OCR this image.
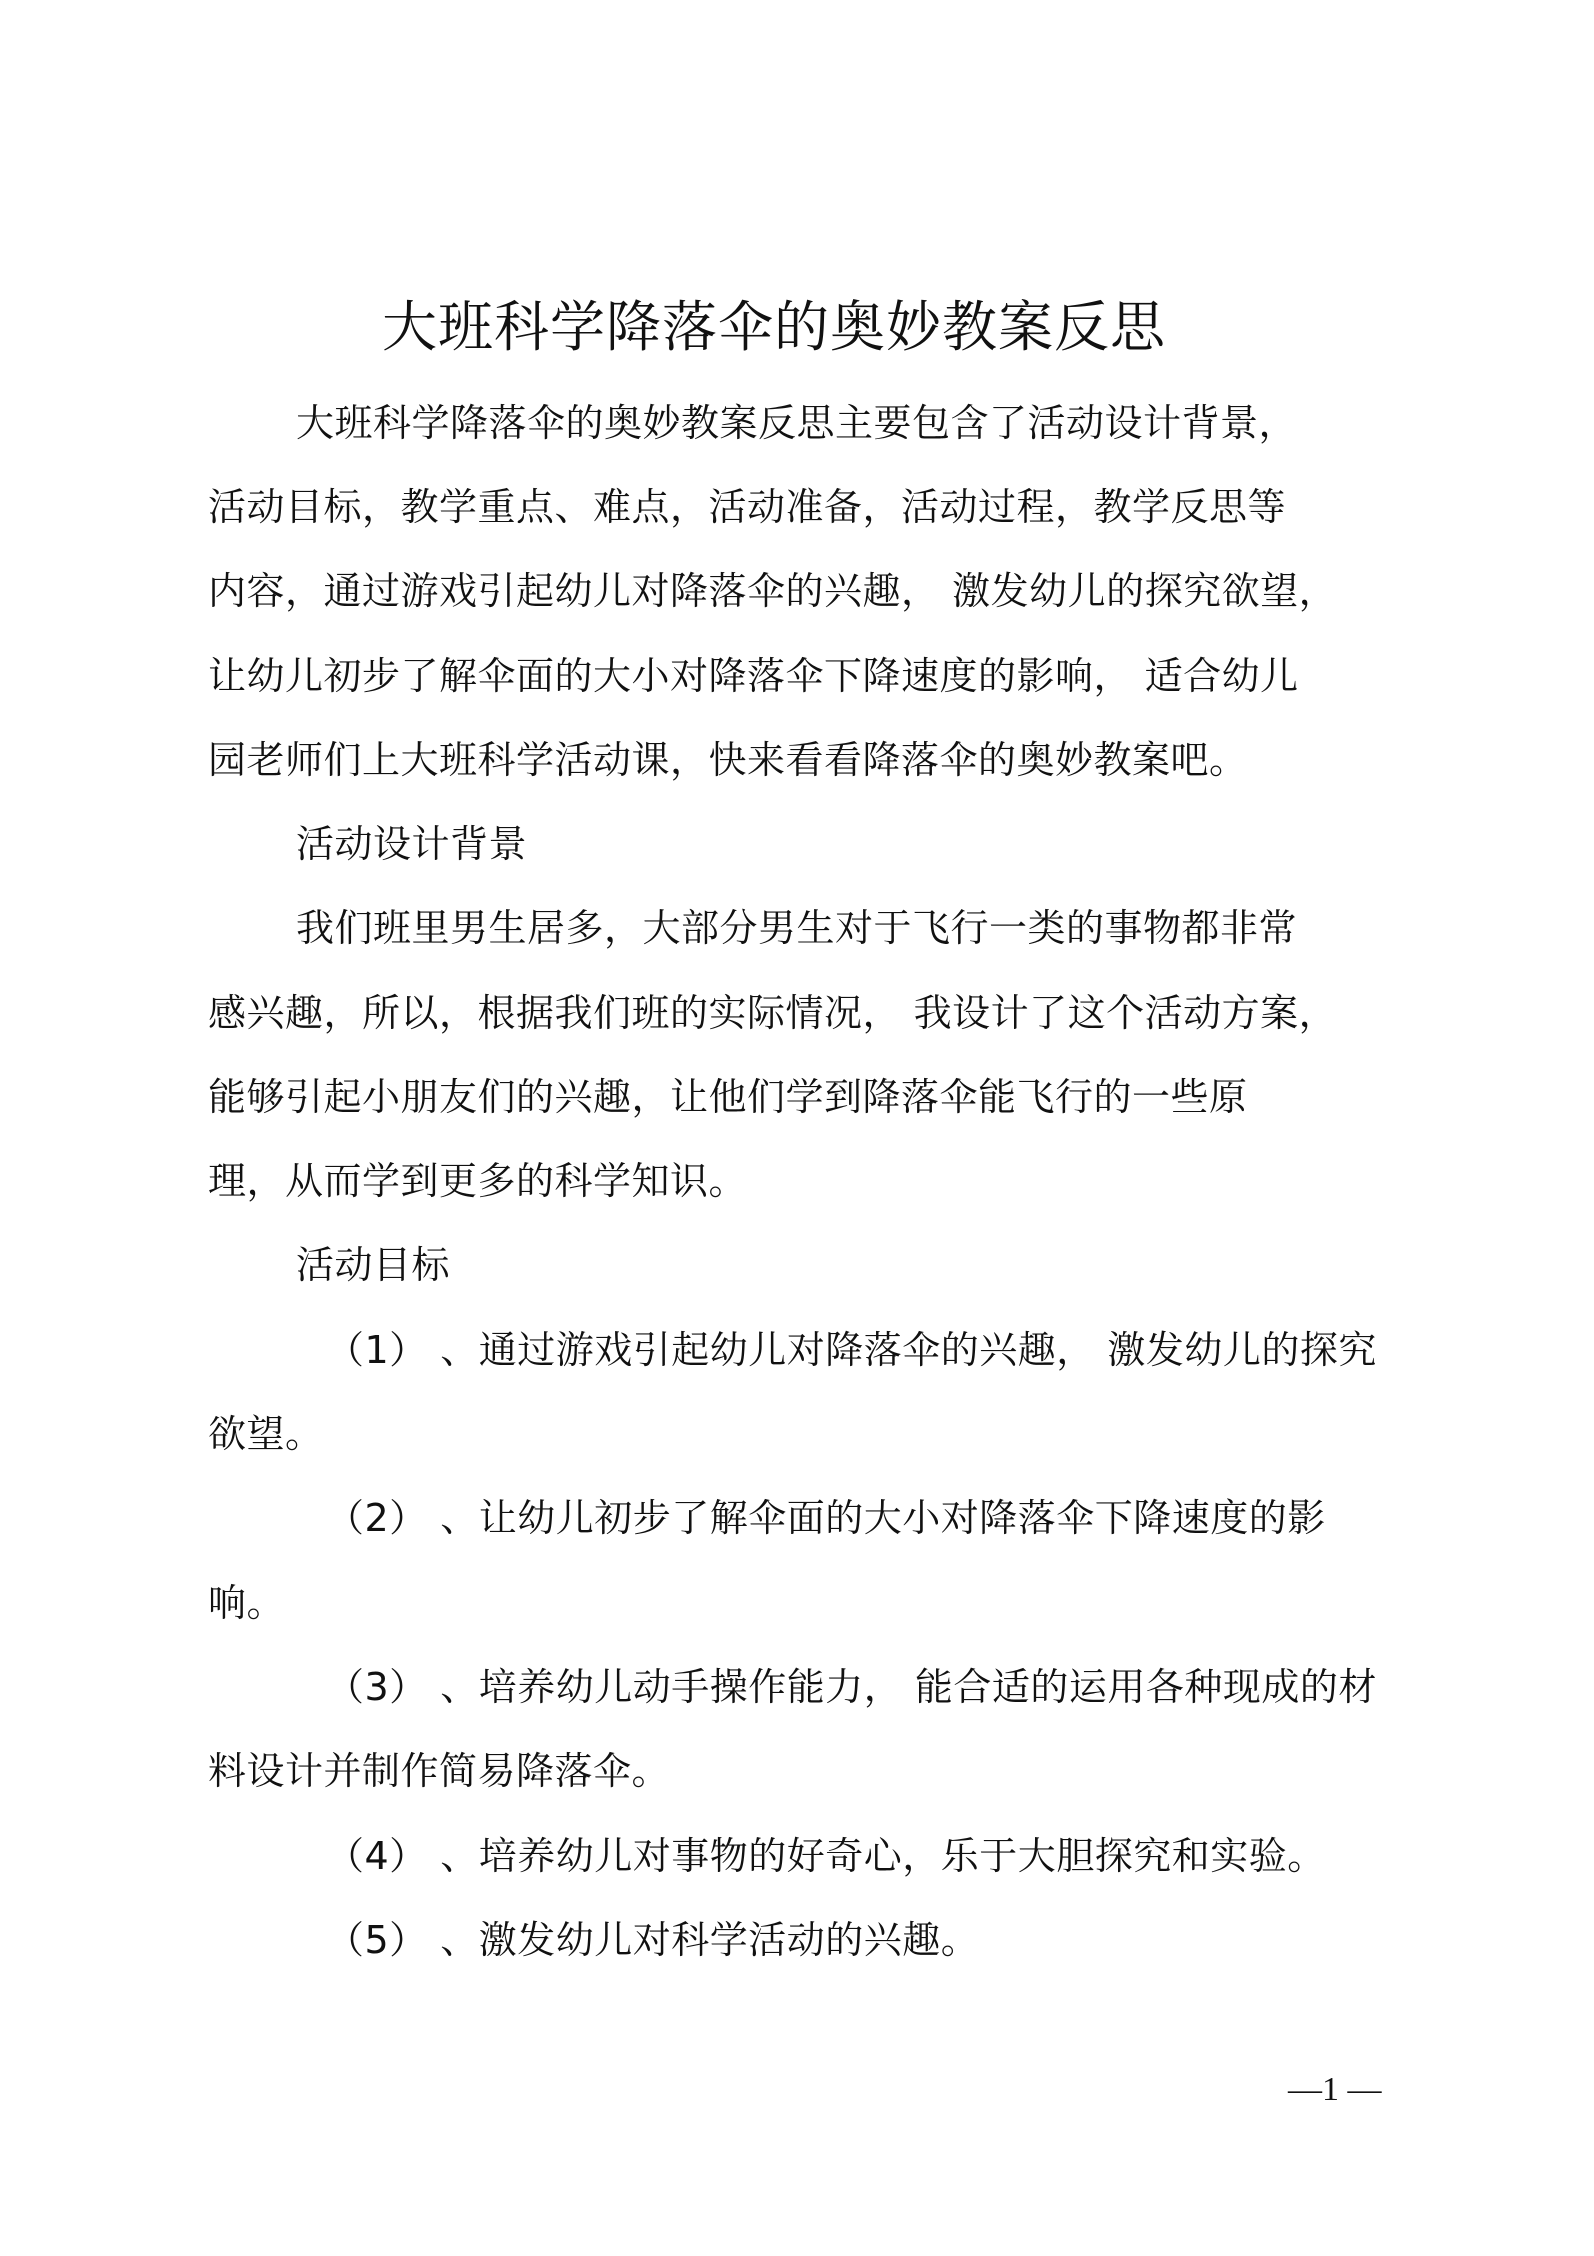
大班科学降落伞的奥妙教案反思
大班科学降落伞的奥妙教案反思主要包含了活动设计背景，
活动目标，教学重点、难点，活动准备，活动过程，教学反思等
内容，通过游戏引起幼儿对降落伞的兴趣， 激发幼儿的探究欲望，
让幼儿初步了解伞面的大小对降落伞下降速度的影响， 适合幼儿
园老师们上大班科学活动课，快来看看降落伞的奥妙教案吧。
活动设计背景
我们班里男生居多，大部分男生对于飞行一类的事物都非常
感兴趣，所以，根据我们班的实际情况， 我设计了这个活动方案，
能够引起小朋友们的兴趣，让他们学到降落伞能飞行的一些原
理，从而学到更多的科学知识。
活动目标
（1） 、通过游戏引起幼儿对降落伞的兴趣， 激发幼儿的探究
欲望。
（2） 、让幼儿初步了解伞面的大小对降落伞下降速度的影
响。
（3） 、培养幼儿动手操作能力， 能合适的运用各种现成的材
料设计并制作简易降落伞。
（4） 、培养幼儿对事物的好奇心，乐于大胆探究和实验。
（5） 、激发幼儿对科学活动的兴趣。
—1 —
